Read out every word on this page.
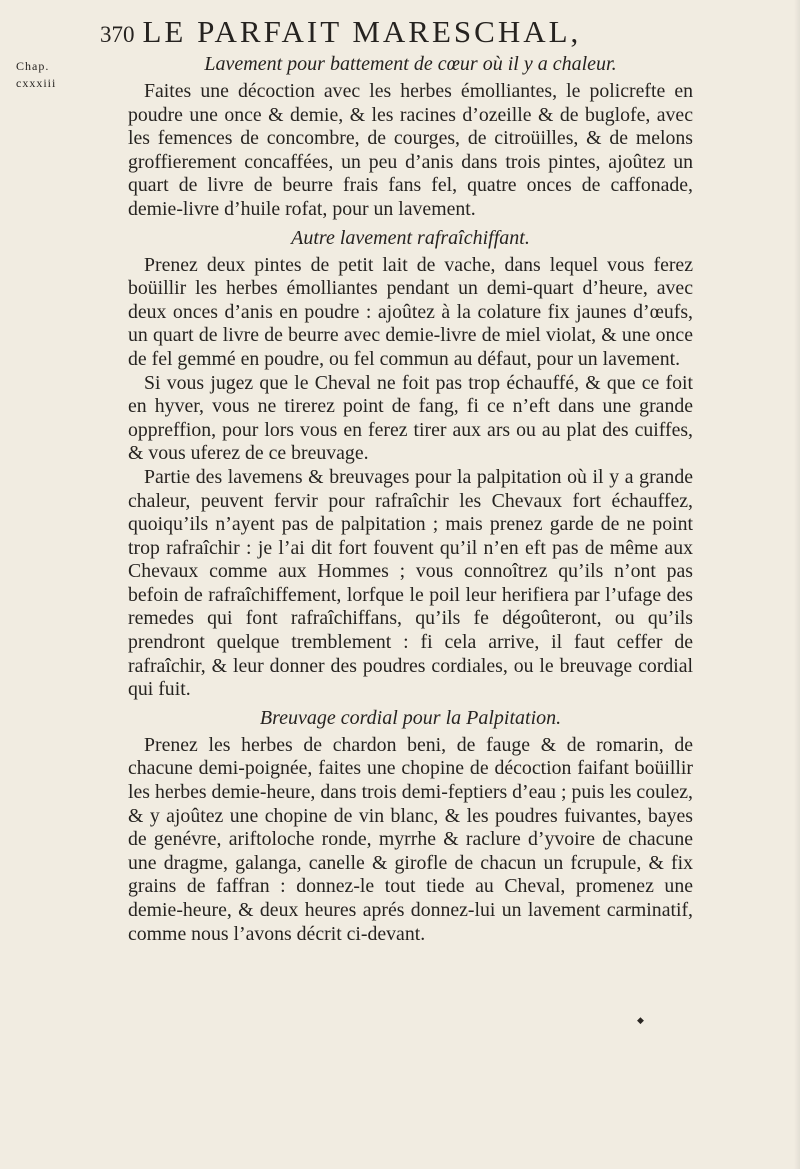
Chap.
cxxxiii
370 LE PARFAIT MARESCHAL,
Lavement pour battement de cœur où il y a chaleur.

Faites une décoction avec les herbes émolliantes, le policrefte en poudre une once & demie, & les racines d’ozeille & de buglofe, avec les femences de concombre, de courges, de citroüilles, & de melons groffierement concaffées, un peu d’anis dans trois pintes, ajoûtez un quart de livre de beurre frais fans fel, quatre onces de caffonade, demie-livre d’huile rofat, pour un lavement.

Autre lavement rafraîchiffant.

Prenez deux pintes de petit lait de vache, dans lequel vous ferez boüillir les herbes émolliantes pendant un demi-quart d’heure, avec deux onces d’anis en poudre : ajoûtez à la colature fix jaunes d’œufs, un quart de livre de beurre avec demie-livre de miel violat, & une once de fel gemmé en poudre, ou fel commun au défaut, pour un lavement.

Si vous jugez que le Cheval ne foit pas trop échauffé, & que ce foit en hyver, vous ne tirerez point de fang, fi ce n’eft dans une grande oppreffion, pour lors vous en ferez tirer aux ars ou au plat des cuiffes, & vous uferez de ce breuvage.

Partie des lavemens & breuvages pour la palpitation où il y a grande chaleur, peuvent fervir pour rafraîchir les Chevaux fort échauffez, quoiqu’ils n’ayent pas de palpitation ; mais prenez garde de ne point trop rafraîchir : je l’ai dit fort fouvent qu’il n’en eft pas de même aux Chevaux comme aux Hommes ; vous connoîtrez qu’ils n’ont pas befoin de rafraîchiffement, lorfque le poil leur herifiera par l’ufage des remedes qui font rafraîchiffans, qu’ils fe dégoûteront, ou qu’ils prendront quelque tremblement : fi cela arrive, il faut ceffer de rafraîchir, & leur donner des poudres cordiales, ou le breuvage cordial qui fuit.

Breuvage cordial pour la Palpitation.

Prenez les herbes de chardon beni, de fauge & de romarin, de chacune demi-poignée, faites une chopine de décoction faifant boüillir les herbes demie-heure, dans trois demi-feptiers d’eau ; puis les coulez, & y ajoûtez une chopine de vin blanc, & les poudres fuivantes, bayes de genévre, ariftoloche ronde, myrrhe & raclure d’yvoire de chacune une dragme, galanga, canelle & girofle de chacun un fcrupule, & fix grains de faffran : donnez-le tout tiede au Cheval, promenez une demie-heure, & deux heures aprés donnez-lui un lavement carminatif, comme nous l’avons décrit ci-devant.

◆
